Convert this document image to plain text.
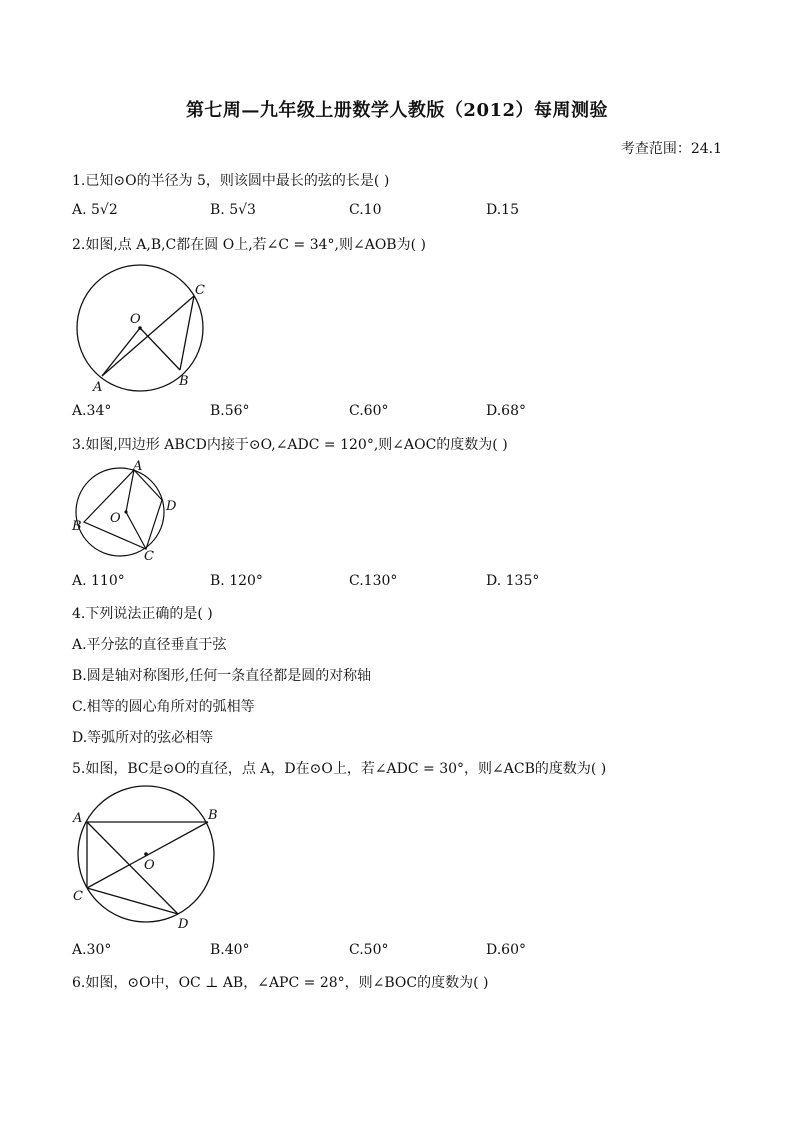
第七周—九年级上册数学人教版（2012）每周测验
考查范围：24.1
1.已知⊙O的半径为 5，则该圆中最长的弦的长是( )
A. 5√2	B. 5√3	C.10	D.15
2.如图,点 A,B,C都在圆 O上,若∠C = 34°,则∠AOB为( )
O
A	B
C
A.34°	B.56°	C.60°	D.68°
3.如图,四边形 ABCD内接于⊙O,∠ADC = 120°,则∠AOC的度数为( )
A
B
C
D
O
A. 110°	B. 120°	C.130°	D. 135°
4.下列说法正确的是( )
A.平分弦的直径垂直于弦
B.圆是轴对称图形,任何一条直径都是圆的对称轴
C.相等的圆心角所对的弧相等
D.等弧所对的弦必相等
5.如图，BC是⊙O的直径，点 A，D在⊙O上，若∠ADC = 30°，则∠ACB的度数为( )
A	B
C
D
O
A.30°	B.40°	C.50°	D.60°
6.如图，⊙O中，OC ⊥ AB，∠APC = 28°，则∠BOC的度数为( )
